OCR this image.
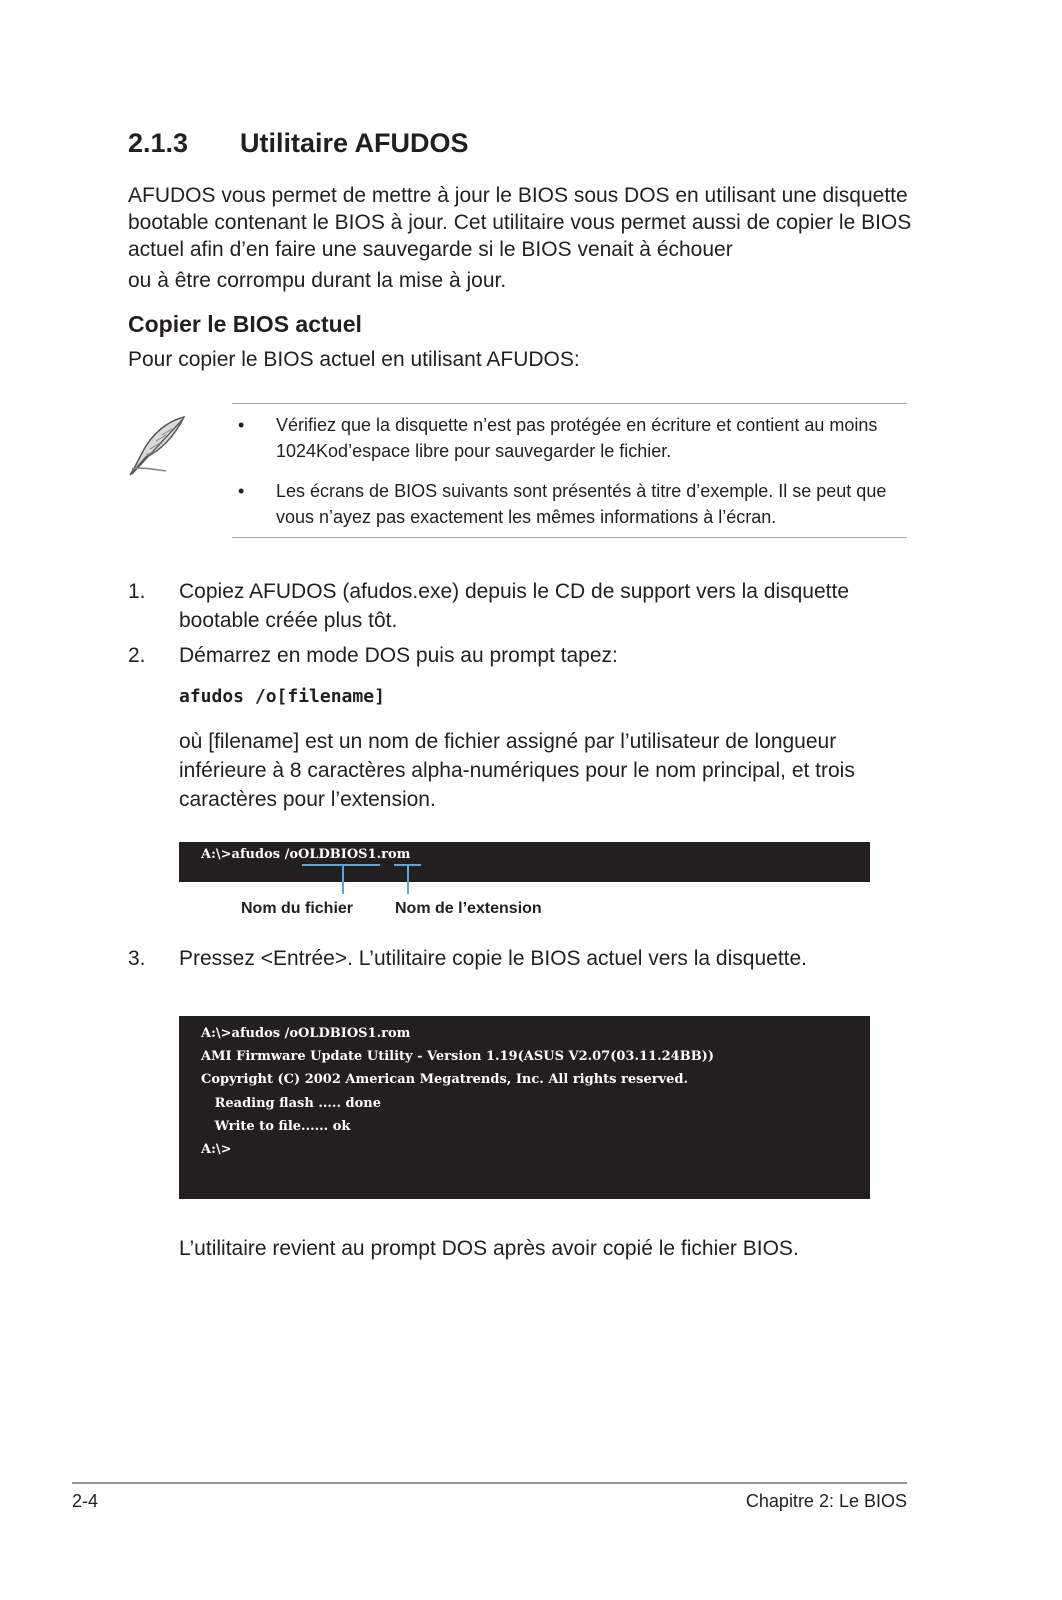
2.1.3 Utilitaire AFUDOS
AFUDOS vous permet de mettre à jour le BIOS sous DOS en utilisant une disquette bootable contenant le BIOS à jour. Cet utilitaire vous permet aussi de copier le BIOS actuel afin d’en faire une sauvegarde si le BIOS venait à échouer
ou à être corrompu durant la mise à jour.
Copier le BIOS actuel
Pour copier le BIOS actuel en utilisant AFUDOS:
• Vérifiez que la disquette n’est pas protégée en écriture et contient au moins 1024Kod’espace libre pour sauvegarder le fichier.
• Les écrans de BIOS suivants sont présentés à titre d’exemple. Il se peut que vous n’ayez pas exactement les mêmes informations à l’écran.
1. Copiez AFUDOS (afudos.exe) depuis le CD de support vers la disquette bootable créée plus tôt.
2. Démarrez en mode DOS puis au prompt tapez:
afudos /o[filename]
où [filename] est un nom de fichier assigné par l’utilisateur de longueur inférieure à 8 caractères alpha-numériques pour le nom principal, et trois caractères pour l’extension.
A:\>afudos /oOLDBIOS1.rom
Nom du fichier	Nom de l’extension
3. Pressez <Entrée>. L’utilitaire copie le BIOS actuel vers la disquette.
A:\>afudos /oOLDBIOS1.rom
AMI Firmware Update Utility - Version 1.19(ASUS V2.07(03.11.24BB))
Copyright (C) 2002 American Megatrends, Inc. All rights reserved.
Reading flash ..... done
Write to file...... ok
A:\>
L’utilitaire revient au prompt DOS après avoir copié le fichier BIOS.
2-4	Chapitre 2: Le BIOS
